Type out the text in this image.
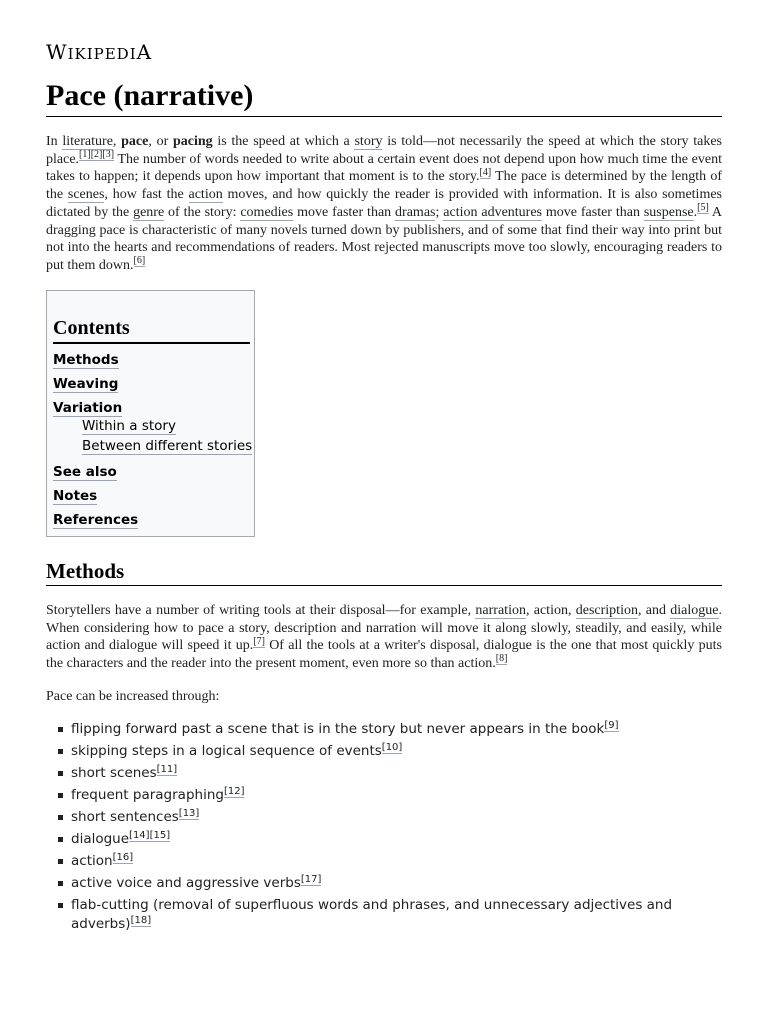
WIKIPEDIA
Pace (narrative)

In literature, pace, or pacing is the speed at which a story is told—not necessarily the speed at which the story takes place.[1][2][3] The number of words needed to write about a certain event does not depend upon how much time the event takes to happen; it depends upon how important that moment is to the story.[4] The pace is determined by the length of the scenes, how fast the action moves, and how quickly the reader is provided with information. It is also sometimes dictated by the genre of the story: comedies move faster than dramas; action adventures move faster than suspense.[5] A dragging pace is characteristic of many novels turned down by publishers, and of some that find their way into print but not into the hearts and recommendations of readers. Most rejected manuscripts move too slowly, encouraging readers to put them down.[6]

Contents
Methods
Weaving
Variation
Within a story
Between different stories
See also
Notes
References
Methods

Storytellers have a number of writing tools at their disposal—for example, narration, action, description, and dialogue. When considering how to pace a story, description and narration will move it along slowly, steadily, and easily, while action and dialogue will speed it up.[7] Of all the tools at a writer's disposal, dialogue is the one that most quickly puts the characters and the reader into the present moment, even more so than action.[8]

Pace can be increased through:

flipping forward past a scene that is in the story but never appears in the book[9]
skipping steps in a logical sequence of events[10]
short scenes[11]
frequent paragraphing[12]
short sentences[13]
dialogue[14][15]
action[16]
active voice and aggressive verbs[17]
flab-cutting (removal of superfluous words and phrases, and unnecessary adjectives and adverbs)[18]
